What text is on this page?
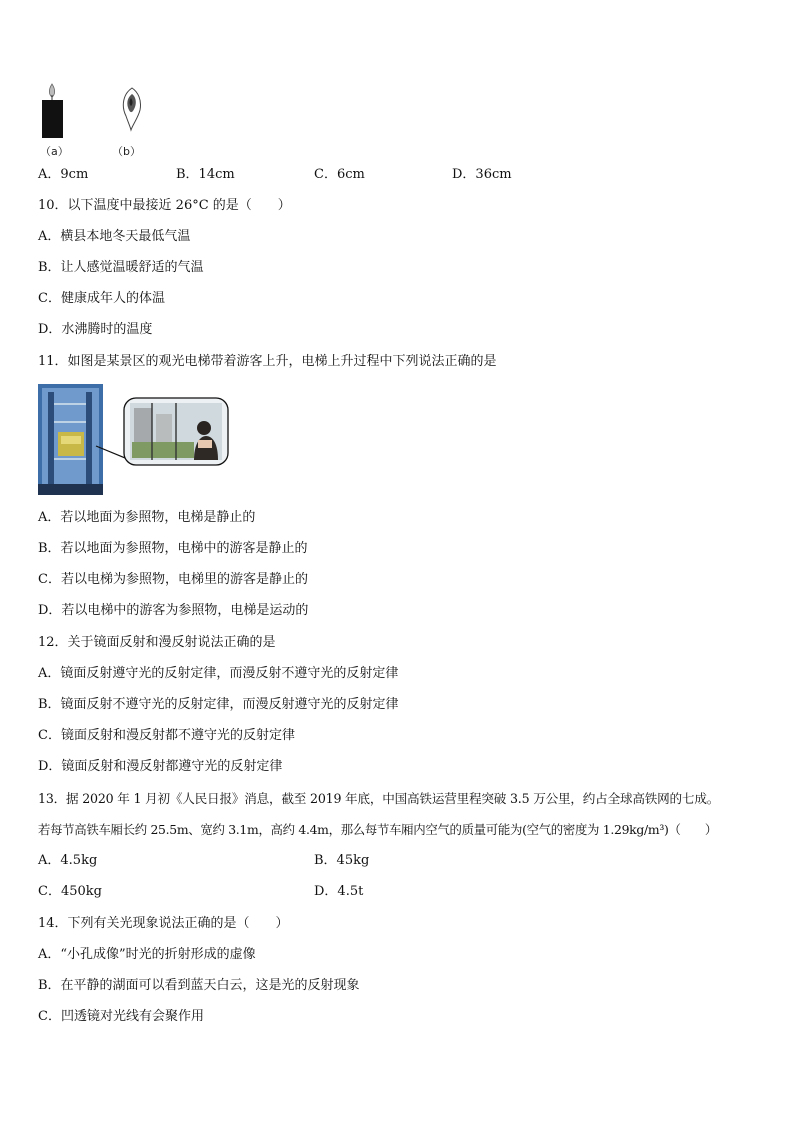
（a）	（b）
A．9cm	B．14cm	C．6cm	D．36cm
10．以下温度中最接近 26°C 的是（　　）
A．横县本地冬天最低气温
B．让人感觉温暖舒适的气温
C．健康成年人的体温
D．水沸腾时的温度
11．如图是某景区的观光电梯带着游客上升，电梯上升过程中下列说法正确的是
A．若以地面为参照物，电梯是静止的
B．若以地面为参照物，电梯中的游客是静止的
C．若以电梯为参照物，电梯里的游客是静止的
D．若以电梯中的游客为参照物，电梯是运动的
12．关于镜面反射和漫反射说法正确的是
A．镜面反射遵守光的反射定律，而漫反射不遵守光的反射定律
B．镜面反射不遵守光的反射定律，而漫反射遵守光的反射定律
C．镜面反射和漫反射都不遵守光的反射定律
D．镜面反射和漫反射都遵守光的反射定律
13．据 2020 年 1 月初《人民日报》消息，截至 2019 年底，中国高铁运营里程突破 3.5 万公里，约占全球高铁网的七成。
若每节高铁车厢长约 25.5m、宽约 3.1m，高约 4.4m，那么每节车厢内空气的质量可能为(空气的密度为 1.29kg/m³)（　　）
A．4.5kg	B．45kg
C．450kg	D．4.5t
14．下列有关光现象说法正确的是（　　）
A．“小孔成像”时光的折射形成的虚像
B．在平静的湖面可以看到蓝天白云，这是光的反射现象
C．凹透镜对光线有会聚作用
